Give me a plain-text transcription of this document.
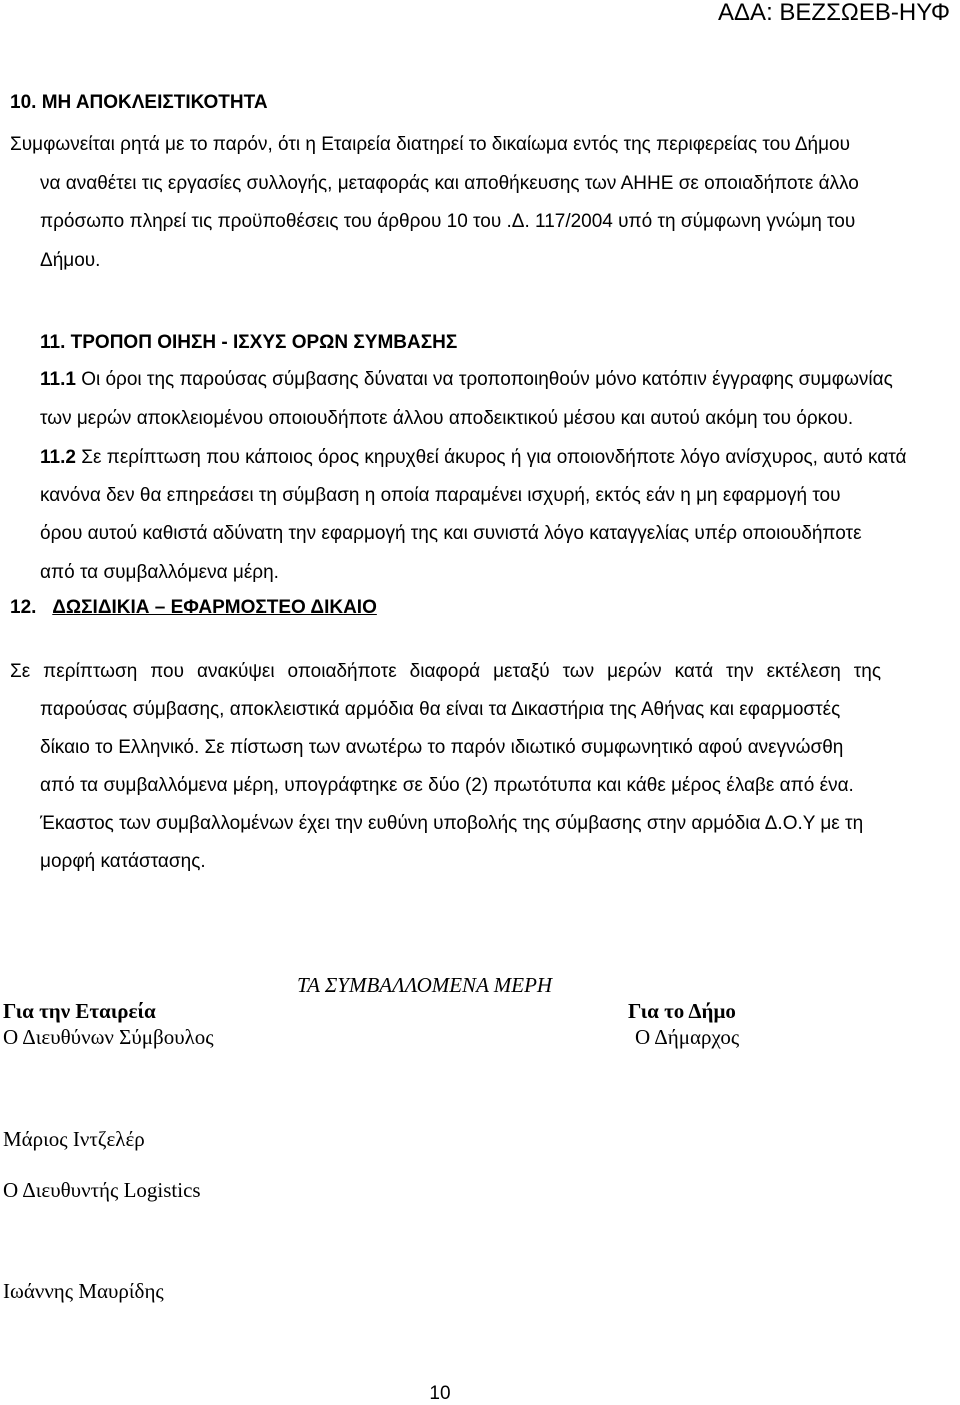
ΑΔΑ: ΒΕΖΣΩΕΒ-ΗΥΦ
10. ΜΗ ΑΠΟΚΛΕΙΣΤΙΚΟΤΗΤΑ
Συμφωνείται ρητά με το παρόν, ότι η Εταιρεία διατηρεί το δικαίωμα εντός της περιφερείας του Δήμου
να αναθέτει τις εργασίες συλλογής, μεταφοράς και αποθήκευσης των ΑΗΗΕ σε οποιαδήποτε άλλο
πρόσωπο πληρεί τις προϋποθέσεις του άρθρου 10 του .Δ. 117/2004 υπό τη σύμφωνη γνώμη του
Δήμου.
11. ΤΡΟΠΟΠ ΟΙΗΣΗ - ΙΣΧΥΣ ΟΡΩΝ ΣΥΜΒΑΣΗΣ
11.1 Οι όροι της παρούσας σύμβασης δύναται να τροποποιηθούν μόνο κατόπιν έγγραφης συμφωνίας
των μερών αποκλειομένου οποιουδήποτε άλλου αποδεικτικού μέσου και αυτού ακόμη του όρκου.
11.2 Σε περίπτωση που κάποιος όρος κηρυχθεί άκυρος ή για οποιονδήποτε λόγο ανίσχυρος, αυτό κατά
κανόνα δεν θα επηρεάσει τη σύμβαση η οποία παραμένει ισχυρή, εκτός εάν η μη εφαρμογή του
όρου αυτού καθιστά αδύνατη την εφαρμογή της και συνιστά λόγο καταγγελίας υπέρ οποιουδήποτε
από τα συμβαλλόμενα μέρη.
12. ΔΩΣΙΔΙΚΙΑ – ΕΦΑΡΜΟΣΤΕΟ ΔΙΚΑΙΟ
Σε περίπτωση που ανακύψει οποιαδήποτε διαφορά μεταξύ των μερών κατά την εκτέλεση της
παρούσας σύμβασης, αποκλειστικά αρμόδια θα είναι τα Δικαστήρια της Αθήνας και εφαρμοστές
δίκαιο το Ελληνικό. Σε πίστωση των ανωτέρω το παρόν ιδιωτικό συμφωνητικό αφού ανεγνώσθη
από τα συμβαλλόμενα μέρη, υπογράφτηκε σε δύο (2) πρωτότυπα και κάθε μέρος έλαβε από ένα.
Έκαστος των συμβαλλομένων έχει την ευθύνη υποβολής της σύμβασης στην αρμόδια Δ.Ο.Υ με τη
μορφή κατάστασης.
ΤΑ ΣΥΜΒΑΛΛΟΜΕΝΑ ΜΕΡΗ
Για την Εταιρεία	Για το Δήμο
Ο Διευθύνων Σύμβουλος	Ο Δήμαρχος
Μάριος Ιντζελέρ
Ο Διευθυντής Logistics
Ιωάννης Μαυρίδης
10
